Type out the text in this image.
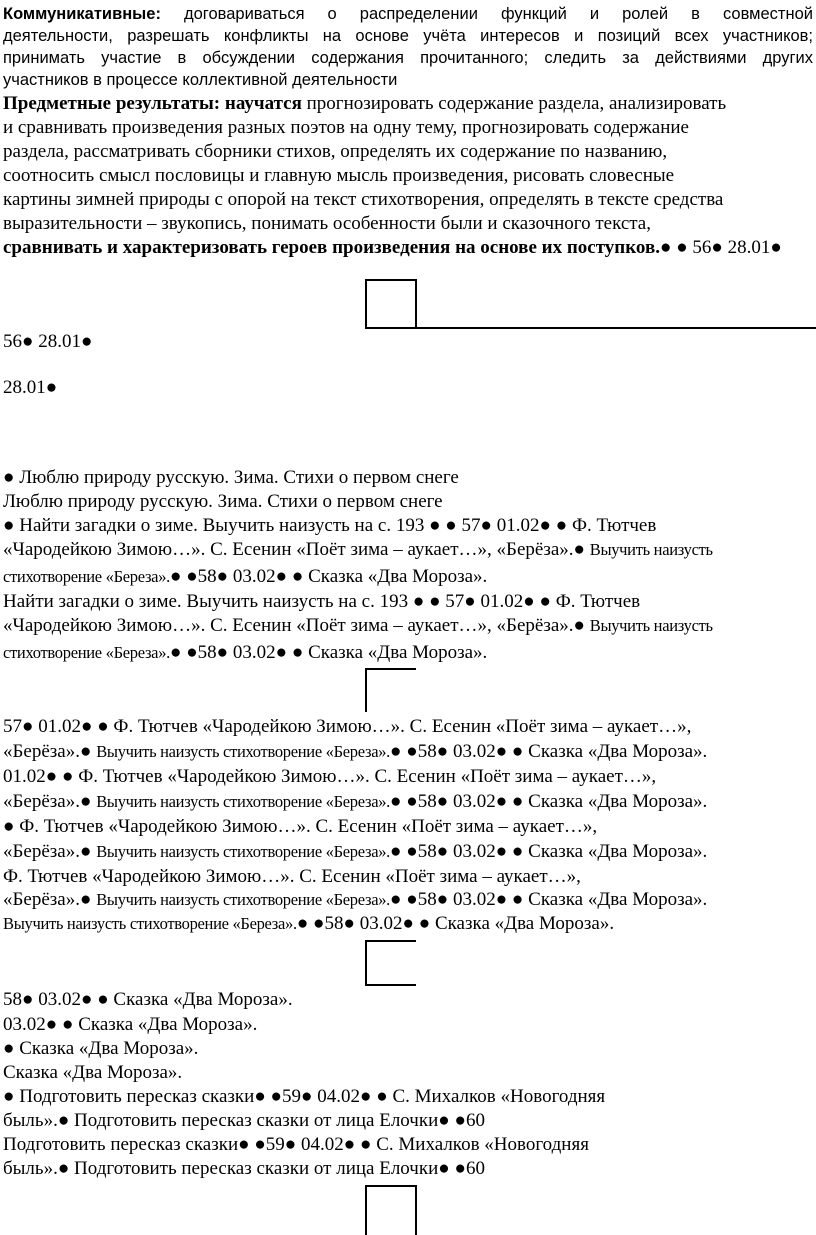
Коммуникативные: договариваться о распределении функций и ролей в совместной

деятельности, разрешать конфликты на основе учёта интересов и позиций всех участников;

принимать участие в обсуждении содержания прочитанного; следить за действиями других

участников в процессе коллективной деятельности

Предметные результаты: научатся прогнозировать содержание раздела, анализировать

и сравнивать произведения разных поэтов на одну тему, прогнозировать содержание

раздела, рассматривать сборники стихов, определять их содержание по названию,

соотносить смысл пословицы и главную мысль произведения, рисовать словесные

картины зимней природы с опорой на текст стихотворения, определять в тексте средства

выразительности – звукопись, понимать особенности были и сказочного текста,

сравнивать и характеризовать героев произведения на основе их поступков.● ● 56● 28.01●

56● 28.01●

28.01●

● Люблю природу русскую. Зима. Стихи о первом снеге

Люблю природу русскую. Зима. Стихи о первом снеге

● Найти загадки о зиме. Выучить наизусть на с. 193 ● ● 57● 01.02● ● Ф. Тютчев

«Чародейкою Зимою…». С. Есенин «Поёт зима – аукает…», «Берёза».● Выучить наизусть

стихотворение «Береза».● ●58● 03.02● ● Сказка «Два Мороза».

Найти загадки о зиме. Выучить наизусть на с. 193 ● ● 57● 01.02● ● Ф. Тютчев

«Чародейкою Зимою…». С. Есенин «Поёт зима – аукает…», «Берёза».● Выучить наизусть

стихотворение «Береза».● ●58● 03.02● ● Сказка «Два Мороза».

57● 01.02● ● Ф. Тютчев «Чародейкою Зимою…». С. Есенин «Поёт зима – аукает…»,

«Берёза».● Выучить наизусть стихотворение «Береза».● ●58● 03.02● ● Сказка «Два Мороза».

01.02● ● Ф. Тютчев «Чародейкою Зимою…». С. Есенин «Поёт зима – аукает…»,

«Берёза».● Выучить наизусть стихотворение «Береза».● ●58● 03.02● ● Сказка «Два Мороза».

● Ф. Тютчев «Чародейкою Зимою…». С. Есенин «Поёт зима – аукает…»,

«Берёза».● Выучить наизусть стихотворение «Береза».● ●58● 03.02● ● Сказка «Два Мороза».

Ф. Тютчев «Чародейкою Зимою…». С. Есенин «Поёт зима – аукает…»,

«Берёза».● Выучить наизусть стихотворение «Береза».● ●58● 03.02● ● Сказка «Два Мороза».

Выучить наизусть стихотворение «Береза».● ●58● 03.02● ● Сказка «Два Мороза».

58● 03.02● ● Сказка «Два Мороза».

03.02● ● Сказка «Два Мороза».

● Сказка «Два Мороза».

Сказка «Два Мороза».

● Подготовить пересказ сказки● ●59● 04.02● ● С. Михалков «Новогодняя

быль».● Подготовить пересказ сказки от лица Елочки● ●60

Подготовить пересказ сказки● ●59● 04.02● ● С. Михалков «Новогодняя

быль».● Подготовить пересказ сказки от лица Елочки● ●60
